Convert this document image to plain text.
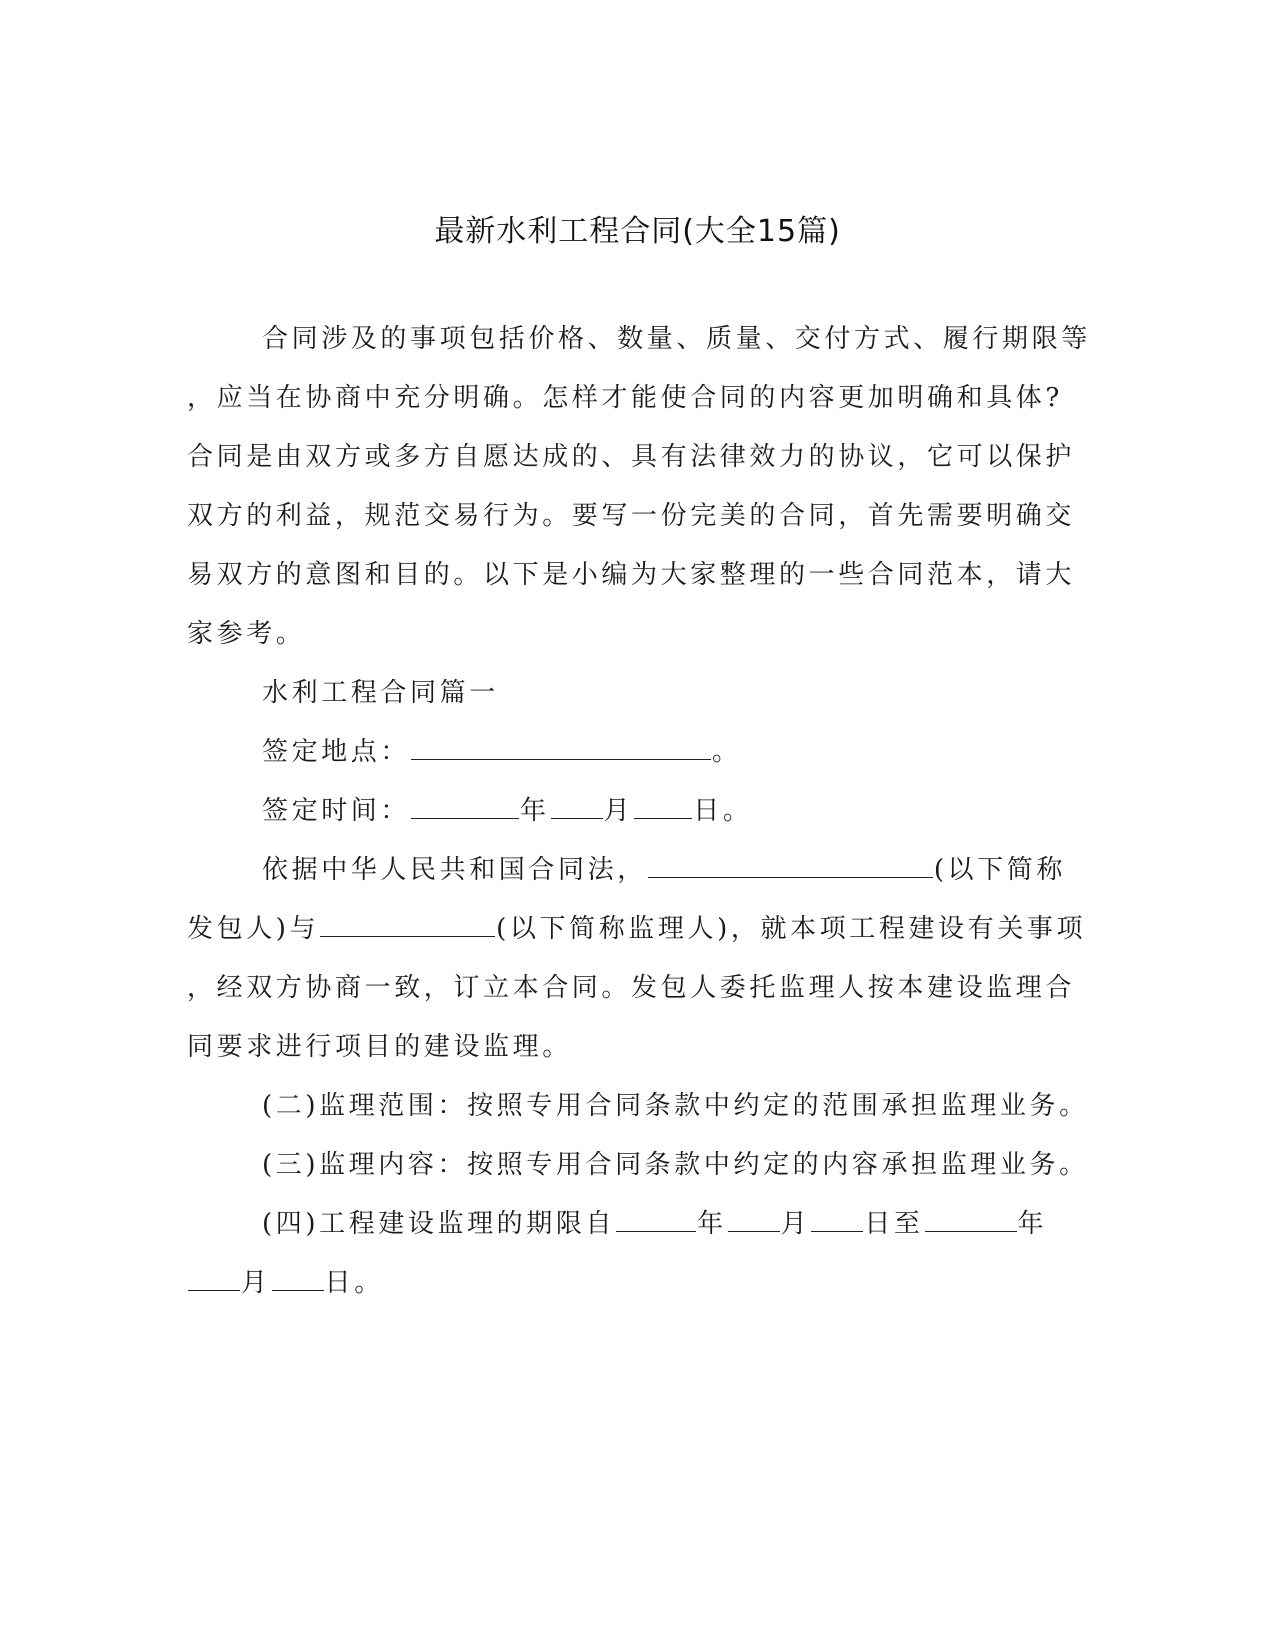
最新水利工程合同(大全15篇)
合同涉及的事项包括价格、数量、质量、交付方式、履行期限等
，应当在协商中充分明确。怎样才能使合同的内容更加明确和具体?
合同是由双方或多方自愿达成的、具有法律效力的协议，它可以保护
双方的利益，规范交易行为。要写一份完美的合同，首先需要明确交
易双方的意图和目的。以下是小编为大家整理的一些合同范本，请大
家参考。
水利工程合同篇一
签定地点：	。
签定时间：	年 月 日。
依据中华人民共和国合同法，	(以下简称
发包人)与	(以下简称监理人)，就本项工程建设有关事项
，经双方协商一致，订立本合同。发包人委托监理人按本建设监理合
同要求进行项目的建设监理。
(二)监理范围：按照专用合同条款中约定的范围承担监理业务。
(三)监理内容：按照专用合同条款中约定的内容承担监理业务。
(四)工程建设监理的期限自	年 月 日至	年
月 日。
